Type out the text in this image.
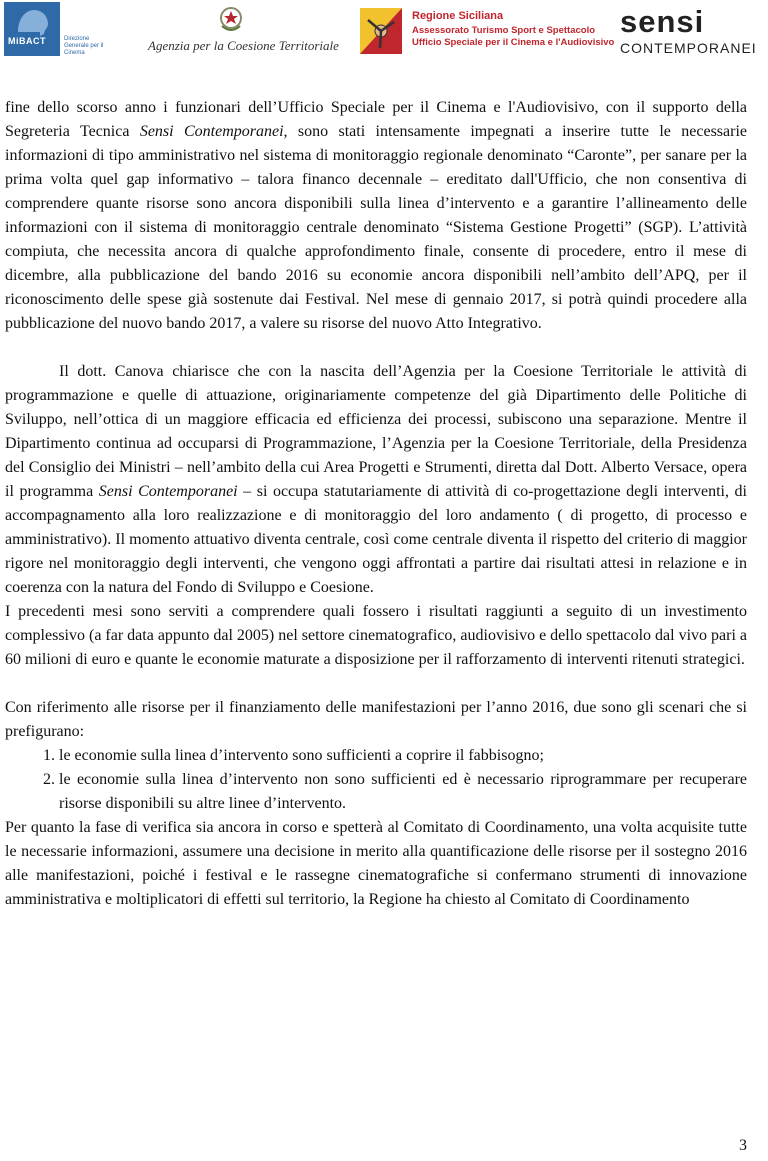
MiBACT	Direzione Generale per il Cinema	Agenzia per la Coesione Territoriale
Regione Siciliana
Assessorato Turismo Sport e Spettacolo
Ufficio Speciale per il Cinema e l'Audiovisivo
sensi
CONTEMPORANEI

fine dello scorso anno i funzionari dell’Ufficio Speciale per il Cinema e l'Audiovisivo, con il supporto della Segreteria Tecnica Sensi Contemporanei, sono stati intensamente impegnati a inserire tutte le necessarie informazioni di tipo amministrativo nel sistema di monitoraggio regionale denominato “Caronte”, per sanare per la prima volta quel gap informativo – talora financo decennale – ereditato dall'Ufficio, che non consentiva di comprendere quante risorse sono ancora disponibili sulla linea d’intervento e a garantire l’allineamento delle informazioni con il sistema di monitoraggio centrale denominato “Sistema Gestione Progetti” (SGP). L’attività compiuta, che necessita ancora di qualche approfondimento finale, consente di procedere, entro il mese di dicembre, alla pubblicazione del bando 2016 su economie ancora disponibili nell’ambito dell’APQ, per il riconoscimento delle spese già sostenute dai Festival. Nel mese di gennaio 2017, si potrà quindi procedere alla pubblicazione del nuovo bando 2017, a valere su risorse del nuovo Atto Integrativo.

Il dott. Canova chiarisce che con la nascita dell’Agenzia per la Coesione Territoriale le attività di programmazione e quelle di attuazione, originariamente competenze del già Dipartimento delle Politiche di Sviluppo, nell’ottica di un maggiore efficacia ed efficienza dei processi, subiscono una separazione. Mentre il Dipartimento continua ad occuparsi di Programmazione, l’Agenzia per la Coesione Territoriale, della Presidenza del Consiglio dei Ministri – nell’ambito della cui Area Progetti e Strumenti, diretta dal Dott. Alberto Versace, opera il programma Sensi Contemporanei – si occupa statutariamente di attività di co-progettazione degli interventi, di accompagnamento alla loro realizzazione e di monitoraggio del loro andamento ( di progetto, di processo e amministrativo). Il momento attuativo diventa centrale, così come centrale diventa il rispetto del criterio di maggior rigore nel monitoraggio degli interventi, che vengono oggi affrontati a partire dai risultati attesi in relazione e in coerenza con la natura del Fondo di Sviluppo e Coesione.

I precedenti mesi sono serviti a comprendere quali fossero i risultati raggiunti a seguito di un investimento complessivo (a far data appunto dal 2005) nel settore cinematografico, audiovisivo e dello spettacolo dal vivo pari a 60 milioni di euro e quante le economie maturate a disposizione per il rafforzamento di interventi ritenuti strategici.

Con riferimento alle risorse per il finanziamento delle manifestazioni per l’anno 2016, due sono gli scenari che si prefigurano:

1. le economie sulla linea d’intervento sono sufficienti a coprire il fabbisogno;
2. le economie sulla linea d’intervento non sono sufficienti ed è necessario riprogrammare per recuperare risorse disponibili su altre linee d’intervento.

Per quanto la fase di verifica sia ancora in corso e spetterà al Comitato di Coordinamento, una volta acquisite tutte le necessarie informazioni, assumere una decisione in merito alla quantificazione delle risorse per il sostegno 2016 alle manifestazioni, poiché i festival e le rassegne cinematografiche si confermano strumenti di innovazione amministrativa e moltiplicatori di effetti sul territorio, la Regione ha chiesto al Comitato di Coordinamento

3
